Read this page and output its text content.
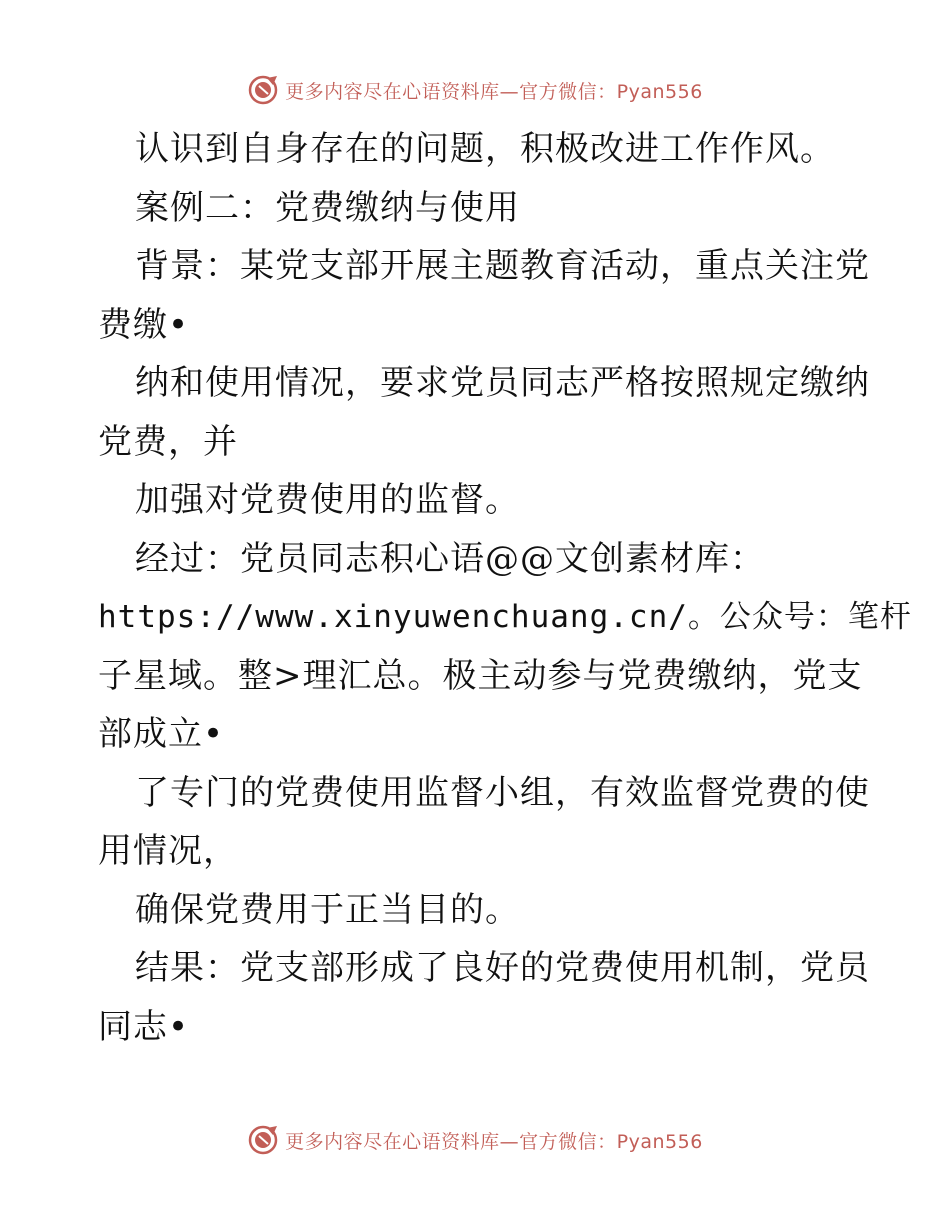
更多内容尽在心语资料库—官方微信：Pyan556
认识到自身存在的问题，积极改进工作作风。
案例二：党费缴纳与使用
背景：某党支部开展主题教育活动，重点关注党
费缴•
纳和使用情况，要求党员同志严格按照规定缴纳
党费，并
加强对党费使用的监督。
经过：党员同志积心语@@文创素材库：
https://www.xinyuwenchuang.cn/。公众号：笔杆
子星域。整>理汇总。极主动参与党费缴纳，党支
部成立•
了专门的党费使用监督小组，有效监督党费的使
用情况，
确保党费用于正当目的。
结果：党支部形成了良好的党费使用机制，党员
同志•
更多内容尽在心语资料库—官方微信：Pyan556
